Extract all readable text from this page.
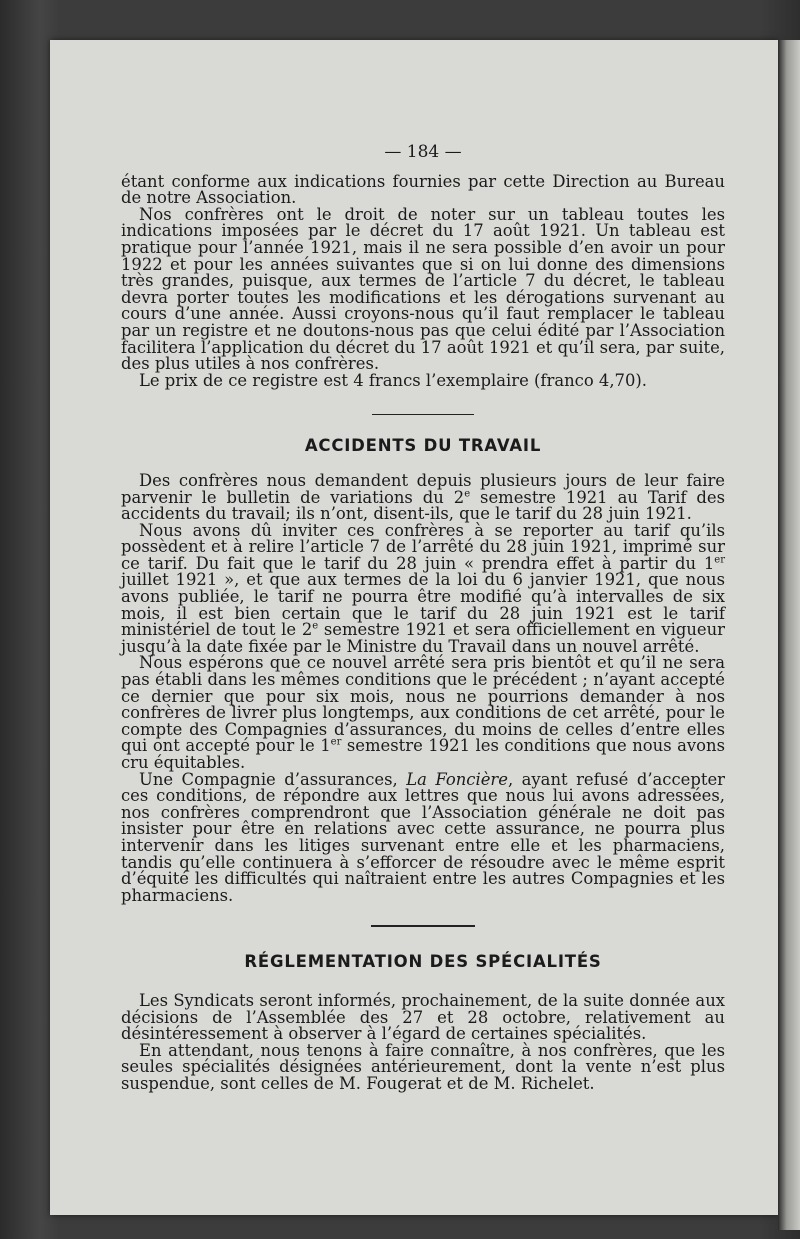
— 184 —

étant conforme aux indications fournies par cette Direction au Bureau de notre Association.

Nos confrères ont le droit de noter sur un tableau toutes les indications imposées par le décret du 17 août 1921. Un tableau est pratique pour l’année 1921, mais il ne sera possible d’en avoir un pour 1922 et pour les années suivantes que si on lui donne des dimensions très grandes, puisque, aux termes de l’article 7 du décret, le tableau devra porter toutes les modifications et les dérogations survenant au cours d’une année. Aussi croyons-nous qu’il faut remplacer le tableau par un registre et ne doutons-nous pas que celui édité par l’Association facilitera l’application du décret du 17 août 1921 et qu’il sera, par suite, des plus utiles à nos confrères.

Le prix de ce registre est 4 francs l’exemplaire (franco 4,70).

ACCIDENTS DU TRAVAIL

Des confrères nous demandent depuis plusieurs jours de leur faire parvenir le bulletin de variations du 2e semestre 1921 au Tarif des accidents du travail; ils n’ont, disent-ils, que le tarif du 28 juin 1921.

Nous avons dû inviter ces confrères à se reporter au tarif qu’ils possèdent et à relire l’article 7 de l’arrêté du 28 juin 1921, imprimé sur ce tarif. Du fait que le tarif du 28 juin « prendra effet à partir du 1er juillet 1921 », et que aux termes de la loi du 6 janvier 1921, que nous avons publiée, le tarif ne pourra être modifié qu’à intervalles de six mois, il est bien certain que le tarif du 28 juin 1921 est le tarif ministériel de tout le 2e semestre 1921 et sera officiellement en vigueur jusqu’à la date fixée par le Ministre du Travail dans un nouvel arrêté.

Nous espérons que ce nouvel arrêté sera pris bientôt et qu’il ne sera pas établi dans les mêmes conditions que le précédent ; n’ayant accepté ce dernier que pour six mois, nous ne pourrions demander à nos confrères de livrer plus longtemps, aux conditions de cet arrêté, pour le compte des Compagnies d’assurances, du moins de celles d’entre elles qui ont accepté pour le 1er semestre 1921 les conditions que nous avons cru équitables.

Une Compagnie d’assurances, La Foncière, ayant refusé d’accepter ces conditions, de répondre aux lettres que nous lui avons adressées, nos confrères comprendront que l’Association générale ne doit pas insister pour être en relations avec cette assurance, ne pourra plus intervenir dans les litiges survenant entre elle et les pharmaciens, tandis qu’elle continuera à s’efforcer de résoudre avec le même esprit d’équité les difficultés qui naîtraient entre les autres Compagnies et les pharmaciens.

RÉGLEMENTATION DES SPÉCIALITÉS

Les Syndicats seront informés, prochainement, de la suite donnée aux décisions de l’Assemblée des 27 et 28 octobre, relativement au désintéressement à observer à l’égard de certaines spécialités.

En attendant, nous tenons à faire connaître, à nos confrères, que les seules spécialités désignées antérieurement, dont la vente n’est plus suspendue, sont celles de M. Fougerat et de M. Richelet.
